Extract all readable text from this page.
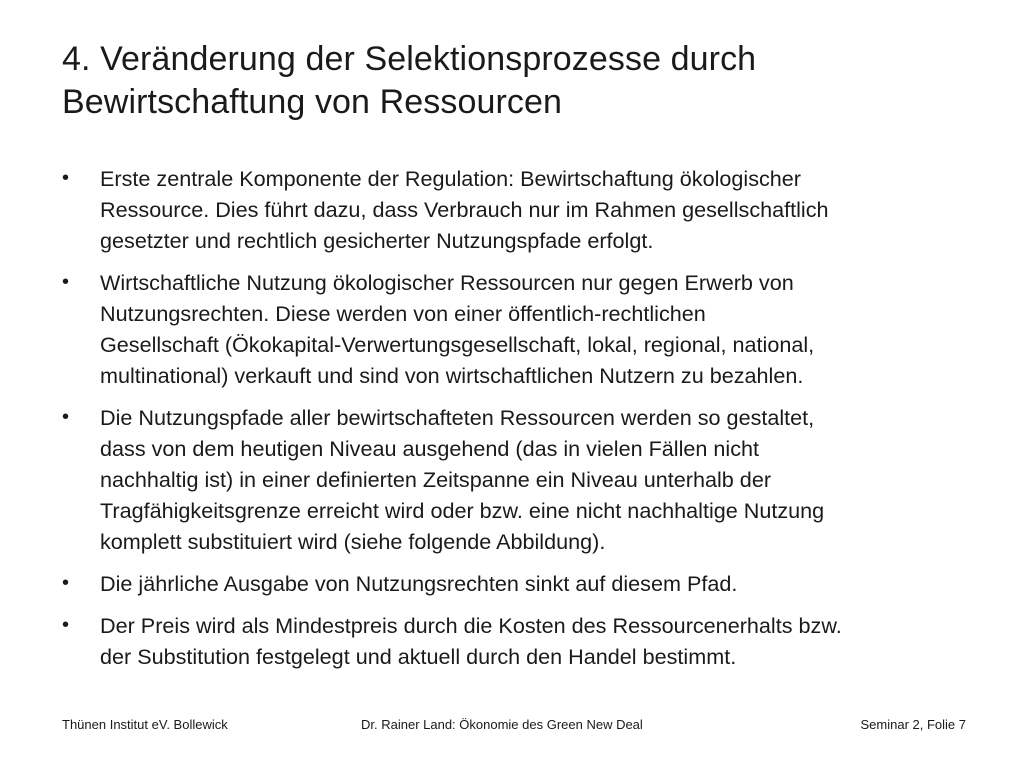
4. Veränderung der Selektionsprozesse durch
Bewirtschaftung von Ressourcen
•	Erste zentrale Komponente der Regulation: Bewirtschaftung ökologischer
Ressource. Dies führt dazu, dass Verbrauch nur im Rahmen gesellschaftlich
gesetzter und rechtlich gesicherter Nutzungspfade erfolgt.
•	Wirtschaftliche Nutzung ökologischer Ressourcen nur gegen Erwerb von
Nutzungsrechten. Diese werden von einer öffentlich-rechtlichen
Gesellschaft (Ökokapital-Verwertungsgesellschaft, lokal, regional, national,
multinational) verkauft und sind von wirtschaftlichen Nutzern zu bezahlen.
•	Die Nutzungspfade aller bewirtschafteten Ressourcen werden so gestaltet,
dass von dem heutigen Niveau ausgehend (das in vielen Fällen nicht
nachhaltig ist) in einer definierten Zeitspanne ein Niveau unterhalb der
Tragfähigkeitsgrenze erreicht wird oder bzw. eine nicht nachhaltige Nutzung
komplett substituiert wird (siehe folgende Abbildung).
•	Die jährliche Ausgabe von Nutzungsrechten sinkt auf diesem Pfad.
•	Der Preis wird als Mindestpreis durch die Kosten des Ressourcenerhalts bzw.
der Substitution festgelegt und aktuell durch den Handel bestimmt.
Thünen Institut eV. Bollewick	Dr. Rainer Land: Ökonomie des Green New Deal	Seminar 2, Folie 7
